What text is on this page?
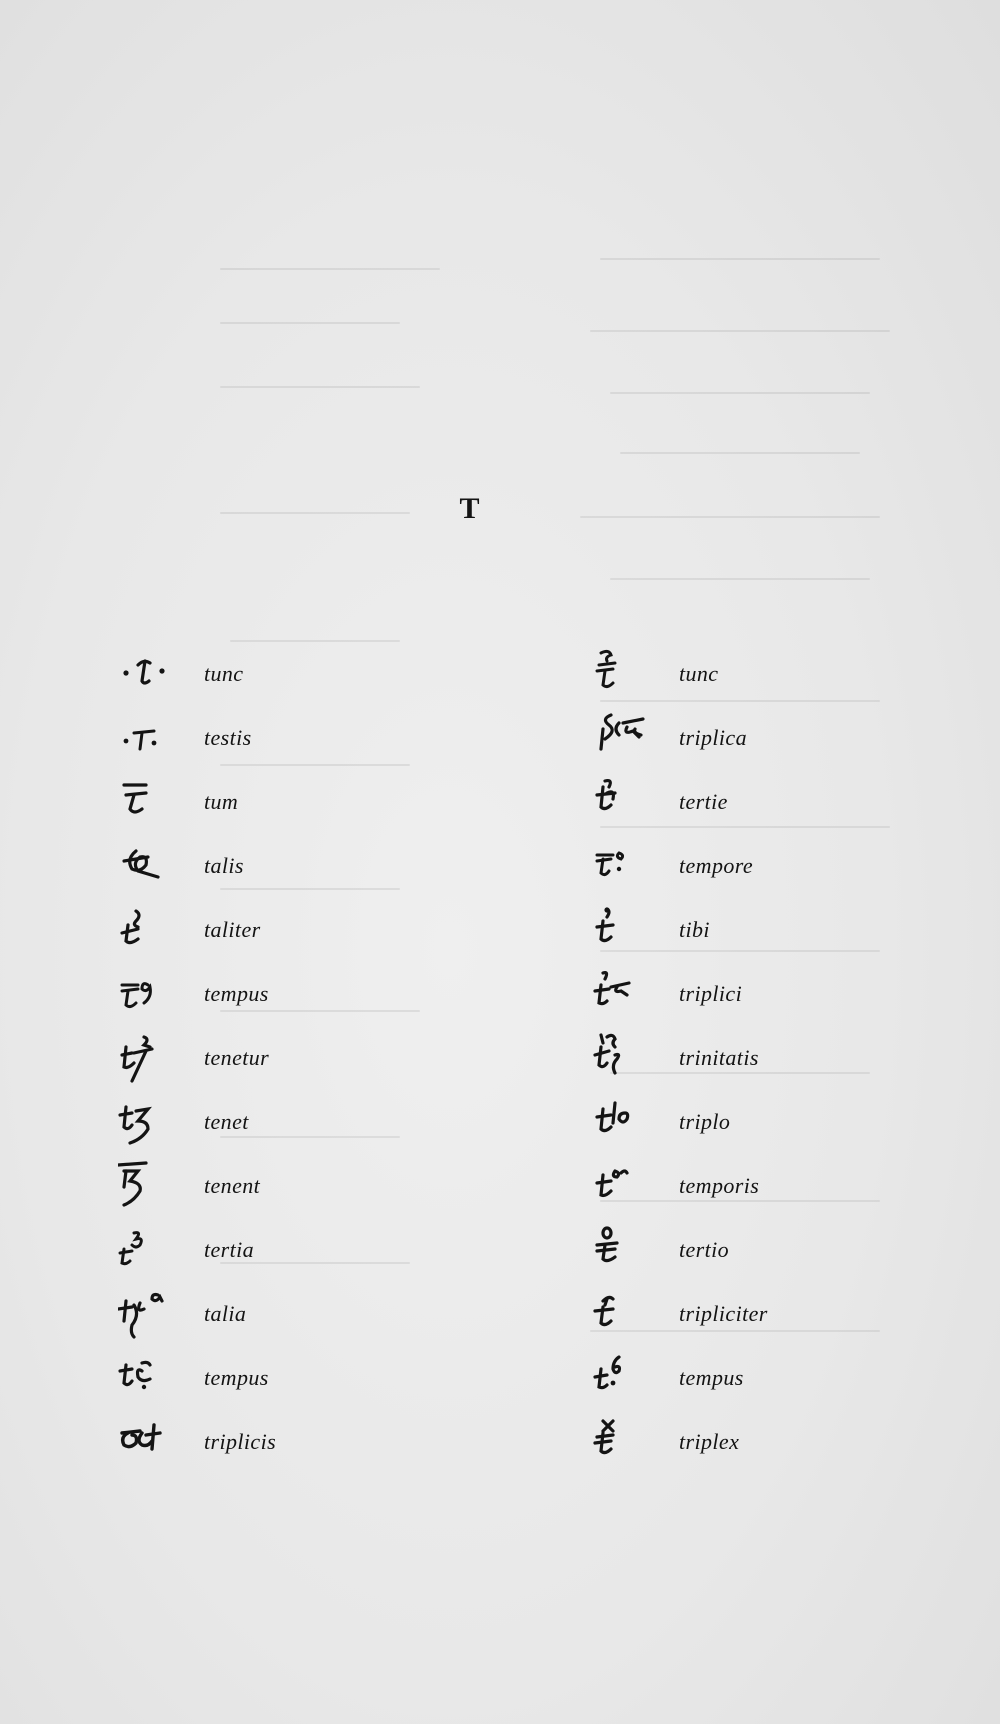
T
tunc
testis
tum
talis
taliter
tempus
tenetur
tenet
tenent
tertia
talia
tempus
triplicis
tunc
triplica
tertie
tempore
tibi
triplici
trinitatis
triplo
temporis
tertio
tripliciter
tempus
triplex
